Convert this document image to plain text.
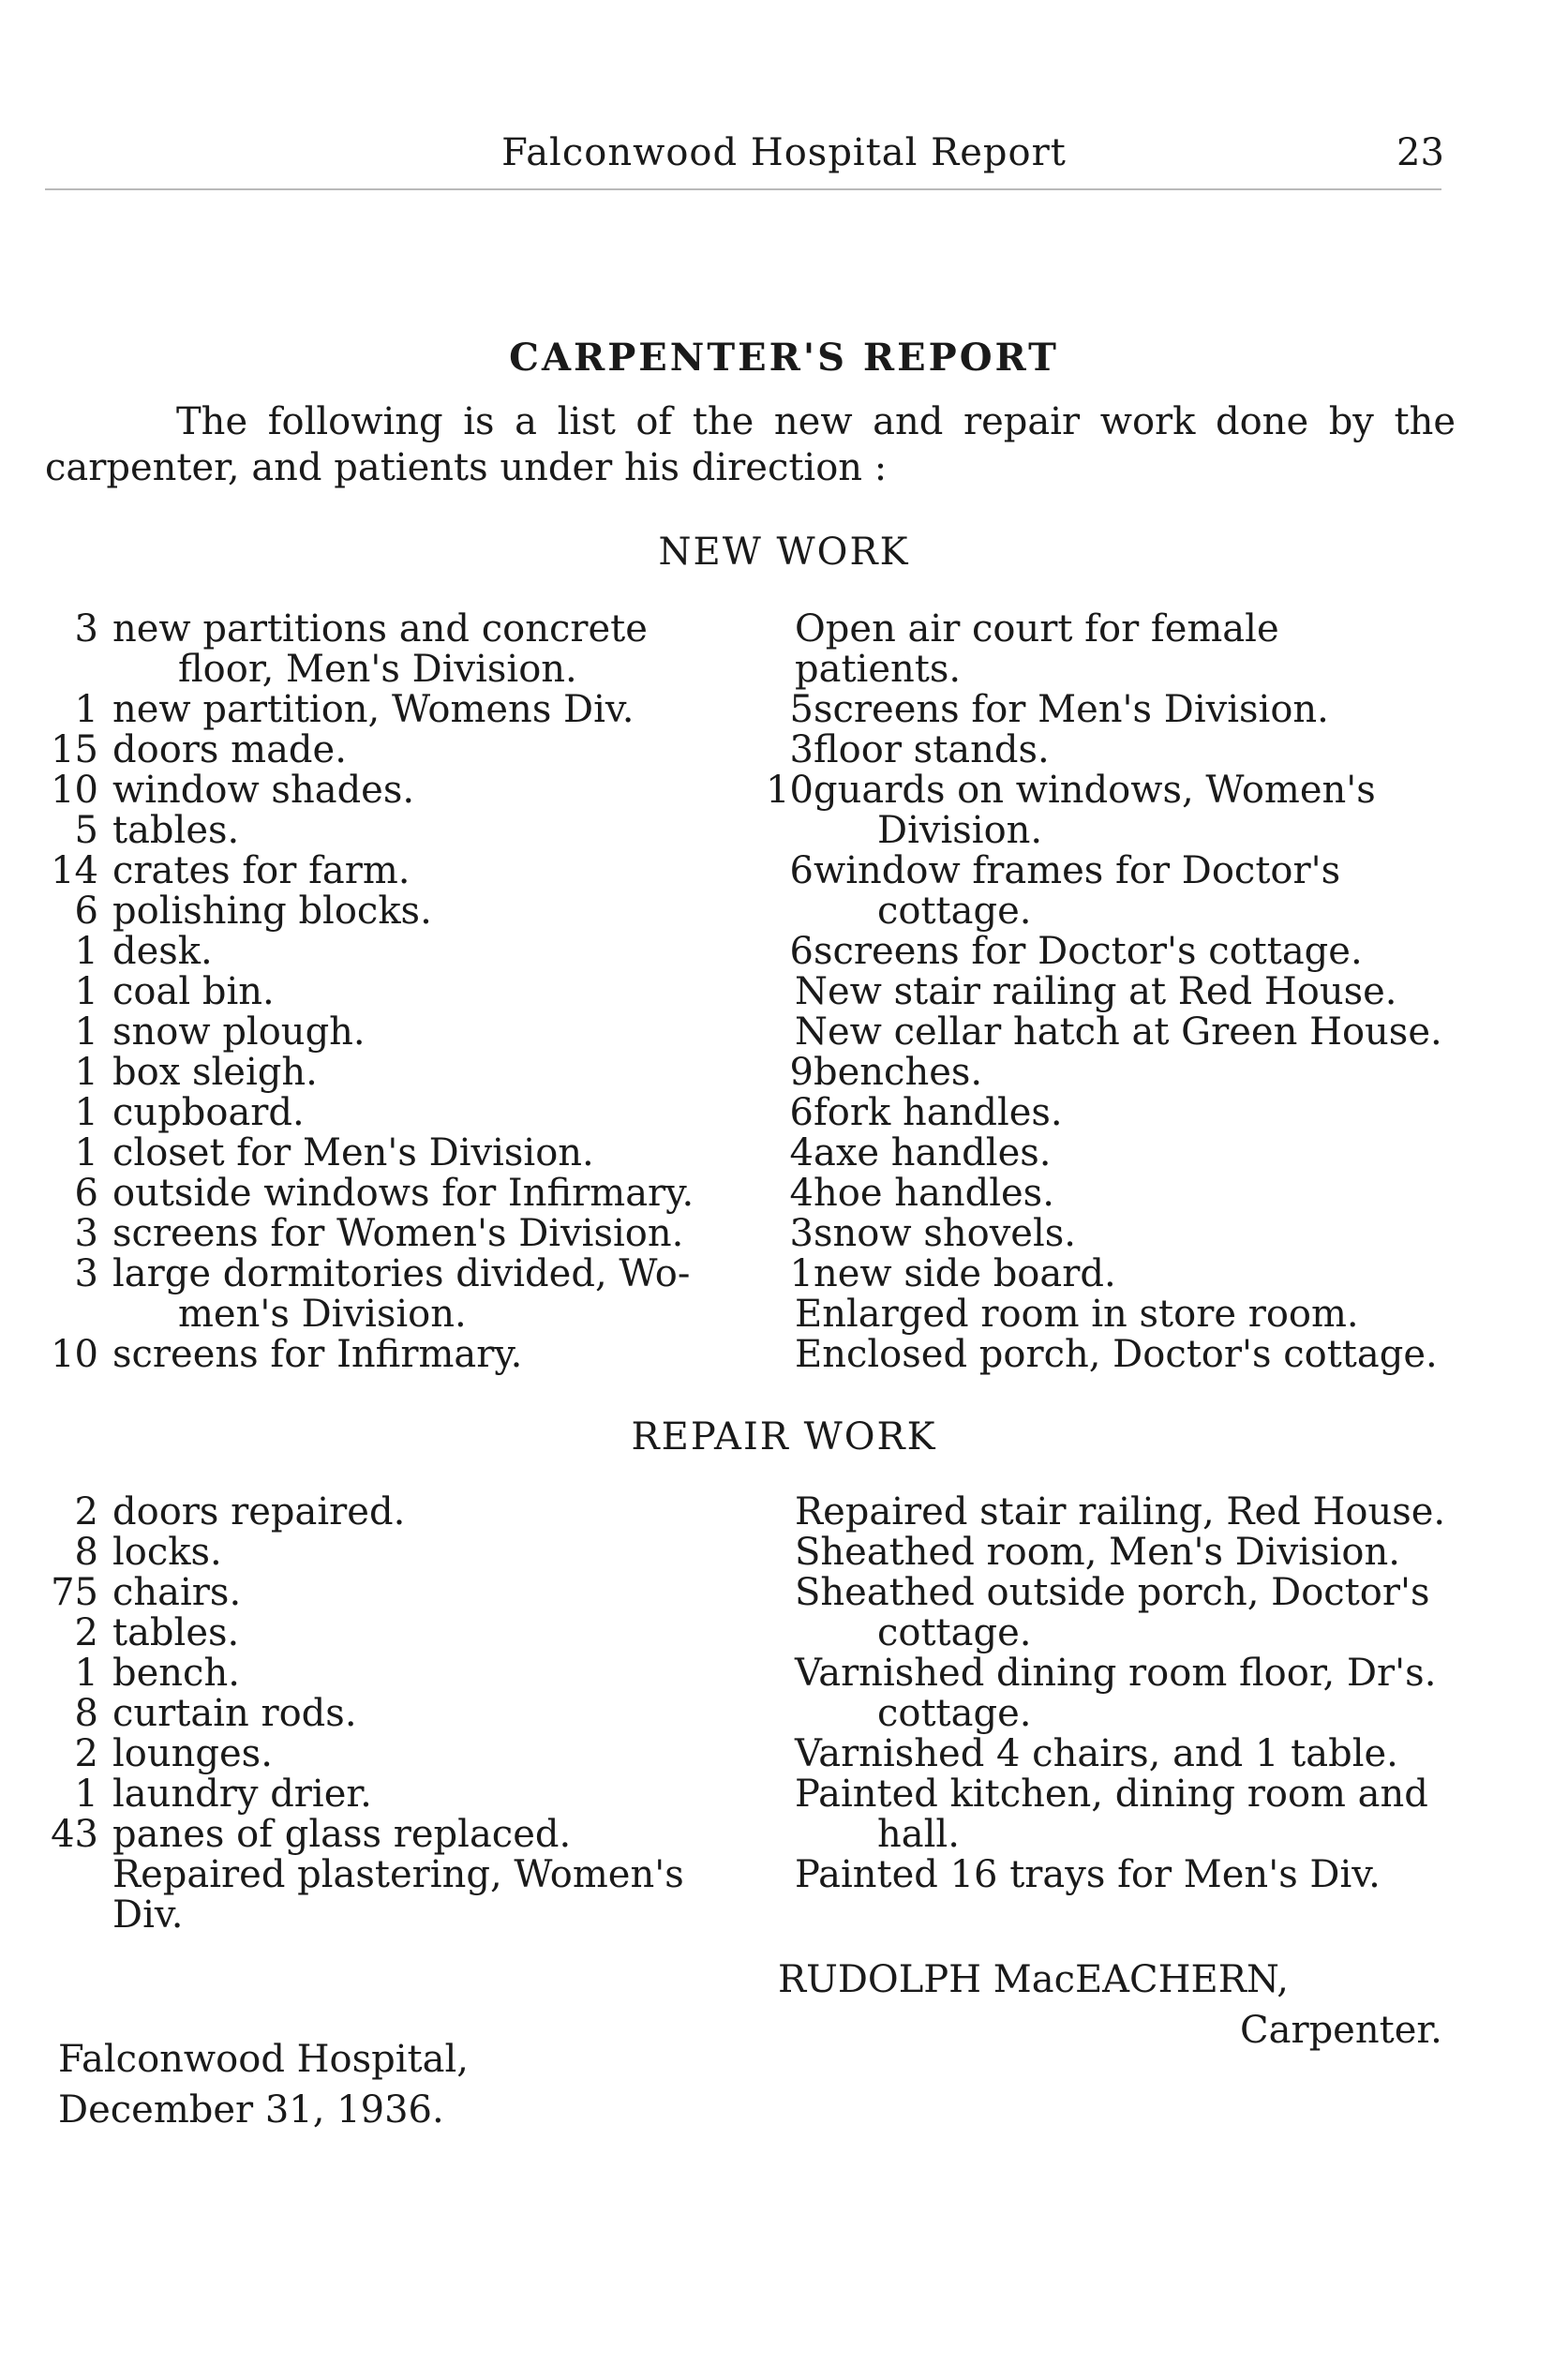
Falconwood Hospital Report	23
CARPENTER'S REPORT
The following is a list of the new and repair work done by the carpenter, and patients under his direction :
NEW WORK
3 new partitions and concrete
floor, Men's Division.
1 new partition, Womens Div.
15 doors made.
10 window shades.
5 tables.
14 crates for farm.
6 polishing blocks.
1 desk.
1 coal bin.
1 snow plough.
1 box sleigh.
1 cupboard.
1 closet for Men's Division.
6 outside windows for Infirmary.
3 screens for Women's Division.
3 large dormitories divided, Wo-
men's Division.
10 screens for Infirmary.
Open air court for female patients.
5 screens for Men's Division.
3 floor stands.
10 guards on windows, Women's
Division.
6 window frames for Doctor's
cottage.
6 screens for Doctor's cottage.
New stair railing at Red House.
New cellar hatch at Green House.
9 benches.
6 fork handles.
4 axe handles.
4 hoe handles.
3 snow shovels.
1 new side board.
Enlarged room in store room.
Enclosed porch, Doctor's cottage.
REPAIR WORK
2 doors repaired.
8 locks.
75 chairs.
2 tables.
1 bench.
8 curtain rods.
2 lounges.
1 laundry drier.
43 panes of glass replaced.
Repaired plastering, Women's Div.
Repaired stair railing, Red House.
Sheathed room, Men's Division.
Sheathed outside porch, Doctor's
cottage.
Varnished dining room floor, Dr's.
cottage.
Varnished 4 chairs, and 1 table.
Painted kitchen, dining room and
hall.
Painted 16 trays for Men's Div.
RUDOLPH MacEACHERN,
Carpenter.
Falconwood Hospital,
December 31, 1936.
